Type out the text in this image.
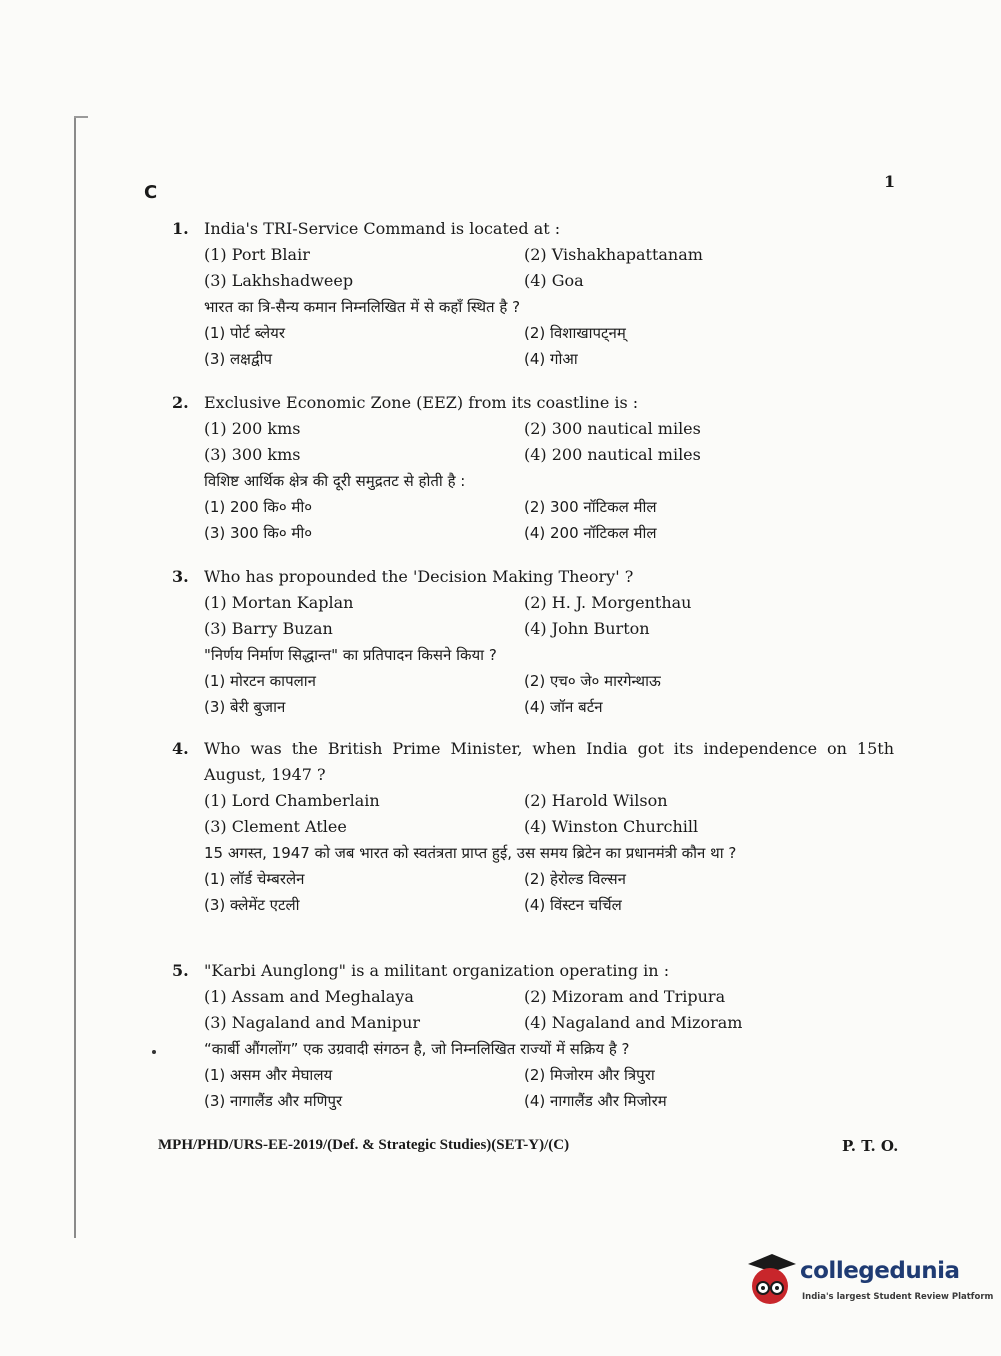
C
1
1. India's TRI-Service Command is located at :
(1) Port Blair	(2) Vishakhapattanam
(3) Lakhshadweep	(4) Goa
भारत का त्रि-सैन्य कमान निम्नलिखित में से कहाँ स्थित है ?
(1) पोर्ट ब्लेयर	(2) विशाखापट्नम्
(3) लक्षद्वीप	(4) गोआ
2. Exclusive Economic Zone (EEZ) from its coastline is :
(1) 200 kms	(2) 300 nautical miles
(3) 300 kms	(4) 200 nautical miles
विशिष्ट आर्थिक क्षेत्र की दूरी समुद्रतट से होती है :
(1) 200 कि० मी०	(2) 300 नॉटिकल मील
(3) 300 कि० मी०	(4) 200 नॉटिकल मील
3. Who has propounded the 'Decision Making Theory' ?
(1) Mortan Kaplan	(2) H. J. Morgenthau
(3) Barry Buzan	(4) John Burton
"निर्णय निर्माण सिद्धान्त" का प्रतिपादन किसने किया ?
(1) मोरटन कापलान	(2) एच० जे० मारगेन्थाऊ
(3) बेरी बुजान	(4) जॉन बर्टन
4. Who was the British Prime Minister, when India got its independence on 15th August, 1947 ?
(1) Lord Chamberlain	(2) Harold Wilson
(3) Clement Atlee	(4) Winston Churchill
15 अगस्त, 1947 को जब भारत को स्वतंत्रता प्राप्त हुई, उस समय ब्रिटेन का प्रधानमंत्री कौन था ?
(1) लॉर्ड चेम्बरलेन	(2) हेरोल्ड विल्सन
(3) क्लेमेंट एटली	(4) विंस्टन चर्चिल
5. "Karbi Aunglong" is a militant organization operating in :
(1) Assam and Meghalaya	(2) Mizoram and Tripura
(3) Nagaland and Manipur	(4) Nagaland and Mizoram
“कार्बी औंगलोंग” एक उग्रवादी संगठन है, जो निम्नलिखित राज्यों में सक्रिय है ?
(1) असम और मेघालय	(2) मिजोरम और त्रिपुरा
(3) नागालैंड और मणिपुर	(4) नागालैंड और मिजोरम
MPH/PHD/URS-EE-2019/(Def. & Strategic Studies)(SET-Y)/(C)	P. T. O.
collegedunia
India's largest Student Review Platform
